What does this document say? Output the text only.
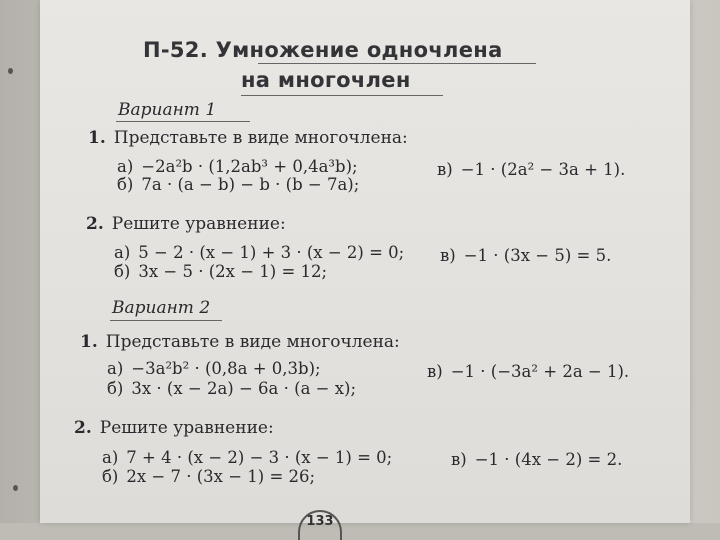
П-52. Умножение одночлена
на многочлен
Вариант 1
1. Представьте в виде многочлена:
а) −2a²b · (1,2ab³ + 0,4a³b);
б) 7a · (a − b) − b · (b − 7a);
в) −1 · (2a² − 3a + 1).
2. Решите уравнение:
а) 5 − 2 · (x − 1) + 3 · (x − 2) = 0;
б) 3x − 5 · (2x − 1) = 12;
в) −1 · (3x − 5) = 5.
Вариант 2
1. Представьте в виде многочлена:
а) −3a²b² · (0,8a + 0,3b);
б) 3x · (x − 2a) − 6a · (a − x);
в) −1 · (−3a² + 2a − 1).
2. Решите уравнение:
а) 7 + 4 · (x − 2) − 3 · (x − 1) = 0;
б) 2x − 7 · (3x − 1) = 26;
в) −1 · (4x − 2) = 2.
133
